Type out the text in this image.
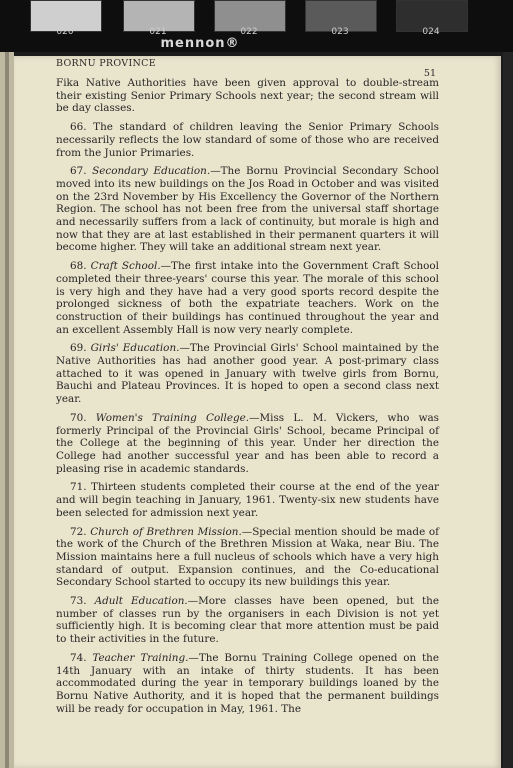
020	021	022	023	024
mennon®
BORNU PROVINCE
51

Fika Native Authorities have been given approval to double-stream their existing Senior Primary Schools next year; the second stream will be day classes.

66. The standard of children leaving the Senior Primary Schools necessarily reflects the low standard of some of those who are received from the Junior Primaries.

67. Secondary Education.—The Bornu Provincial Secondary School moved into its new buildings on the Jos Road in October and was visited on the 23rd November by His Excellency the Governor of the Northern Region. The school has not been free from the universal staff shortage and necessarily suffers from a lack of continuity, but morale is high and now that they are at last established in their permanent quarters it will become higher. They will take an additional stream next year.

68. Craft School.—The first intake into the Government Craft School completed their three-years' course this year. The morale of this school is very high and they have had a very good sports record despite the prolonged sickness of both the expatriate teachers. Work on the construction of their buildings has continued throughout the year and an excellent Assembly Hall is now very nearly complete.

69. Girls' Education.—The Provincial Girls' School maintained by the Native Authorities has had another good year. A post-primary class attached to it was opened in January with twelve girls from Bornu, Bauchi and Plateau Provinces. It is hoped to open a second class next year.

70. Women's Training College.—Miss L. M. Vickers, who was formerly Principal of the Provincial Girls' School, became Principal of the College at the beginning of this year. Under her direction the College had another successful year and has been able to record a pleasing rise in academic standards.

71. Thirteen students completed their course at the end of the year and will begin teaching in January, 1961. Twenty-six new students have been selected for admission next year.

72. Church of Brethren Mission.—Special mention should be made of the work of the Church of the Brethren Mission at Waka, near Biu. The Mission maintains here a full nucleus of schools which have a very high standard of output. Expansion continues, and the Co-educational Secondary School started to occupy its new buildings this year.

73. Adult Education.—More classes have been opened, but the number of classes run by the organisers in each Division is not yet sufficiently high. It is becoming clear that more attention must be paid to their activities in the future.

74. Teacher Training.—The Bornu Training College opened on the 14th January with an intake of thirty students. It has been accommodated during the year in temporary buildings loaned by the Bornu Native Authority, and it is hoped that the permanent buildings will be ready for occupation in May, 1961. The
